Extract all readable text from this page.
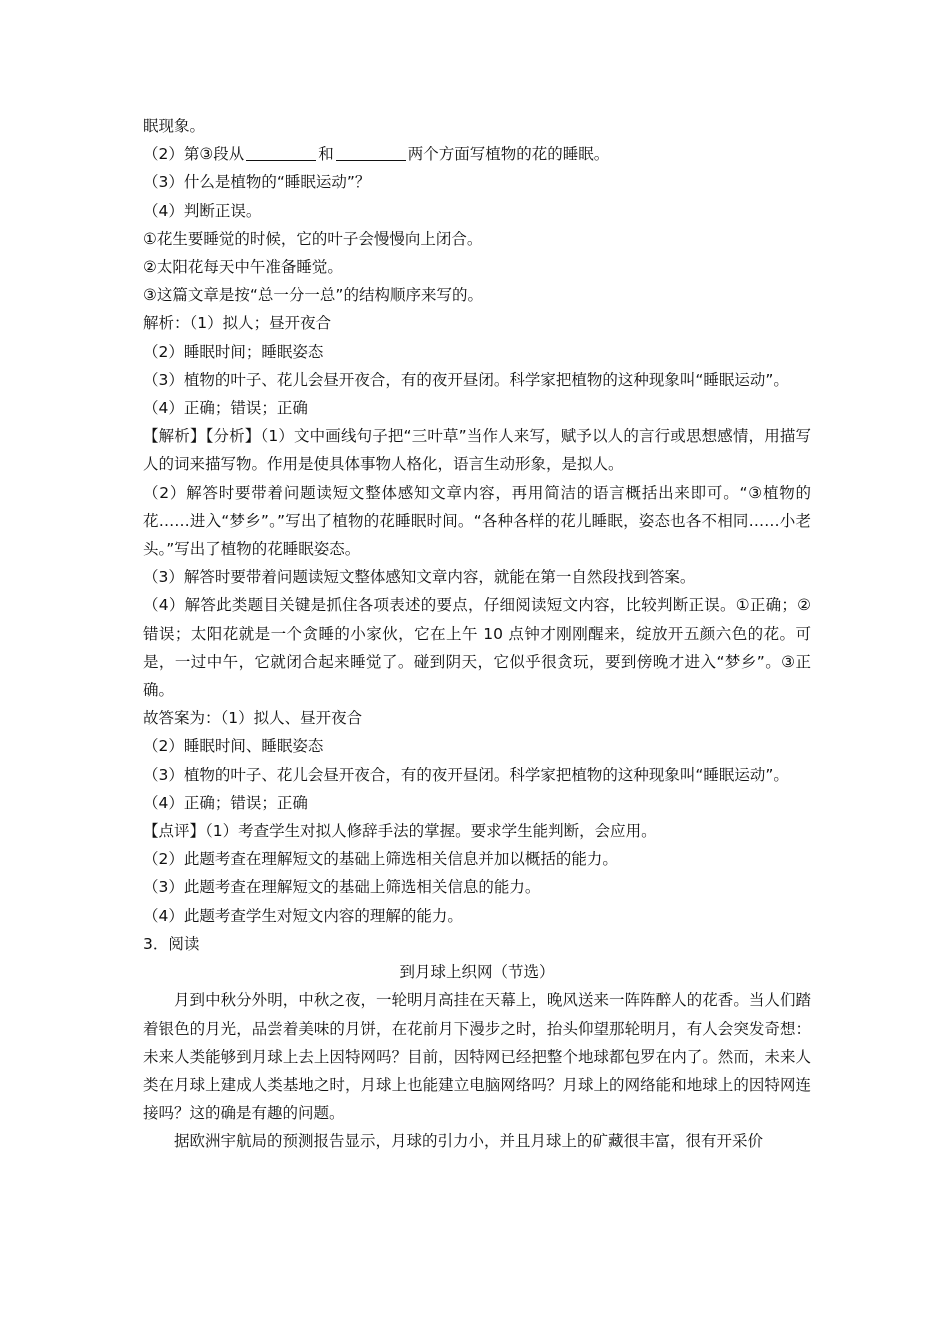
眠现象。
（2）第③段从	和	两个方面写植物的花的睡眠。
（3）什么是植物的“睡眠运动”？
（4）判断正误。
①花生要睡觉的时候，它的叶子会慢慢向上闭合。
②太阳花每天中午准备睡觉。
③这篇文章是按“总一分一总”的结构顺序来写的。
解析：（1）拟人；昼开夜合
（2）睡眠时间；睡眠姿态
（3）植物的叶子、花儿会昼开夜合，有的夜开昼闭。科学家把植物的这种现象叫“睡眠运动”。
（4）正确；错误；正确
【解析】【分析】（1）文中画线句子把“三叶草”当作人来写，赋予以人的言行或思想感情，用描写人的词来描写物。作用是使具体事物人格化，语言生动形象，是拟人。
（2）解答时要带着问题读短文整体感知文章内容，再用简洁的语言概括出来即可。“③植物的花……进入“梦乡”。”写出了植物的花睡眠时间。“各种各样的花儿睡眠，姿态也各不相同……小老头。”写出了植物的花睡眠姿态。
（3）解答时要带着问题读短文整体感知文章内容，就能在第一自然段找到答案。
（4）解答此类题目关键是抓住各项表述的要点，仔细阅读短文内容，比较判断正误。①正确；②错误；太阳花就是一个贪睡的小家伙，它在上午 10 点钟才刚刚醒来，绽放开五颜六色的花。可是，一过中午，它就闭合起来睡觉了。碰到阴天，它似乎很贪玩，要到傍晚才进入“梦乡”。③正确。
故答案为：（1）拟人、昼开夜合
（2）睡眠时间、睡眠姿态
（3）植物的叶子、花儿会昼开夜合，有的夜开昼闭。科学家把植物的这种现象叫“睡眠运动”。
（4）正确；错误；正确
【点评】（1）考查学生对拟人修辞手法的掌握。要求学生能判断，会应用。
（2）此题考查在理解短文的基础上筛选相关信息并加以概括的能力。
（3）此题考查在理解短文的基础上筛选相关信息的能力。
（4）此题考查学生对短文内容的理解的能力。
3．阅读
到月球上织网（节选）
月到中秋分外明，中秋之夜，一轮明月高挂在天幕上，晚风送来一阵阵醉人的花香。当人们踏着银色的月光，品尝着美味的月饼，在花前月下漫步之时，抬头仰望那轮明月，有人会突发奇想：未来人类能够到月球上去上因特网吗？目前，因特网已经把整个地球都包罗在内了。然而，未来人类在月球上建成人类基地之时，月球上也能建立电脑网络吗？月球上的网络能和地球上的因特网连接吗？这的确是有趣的问题。
据欧洲宇航局的预测报告显示，月球的引力小，并且月球上的矿藏很丰富，很有开采价
